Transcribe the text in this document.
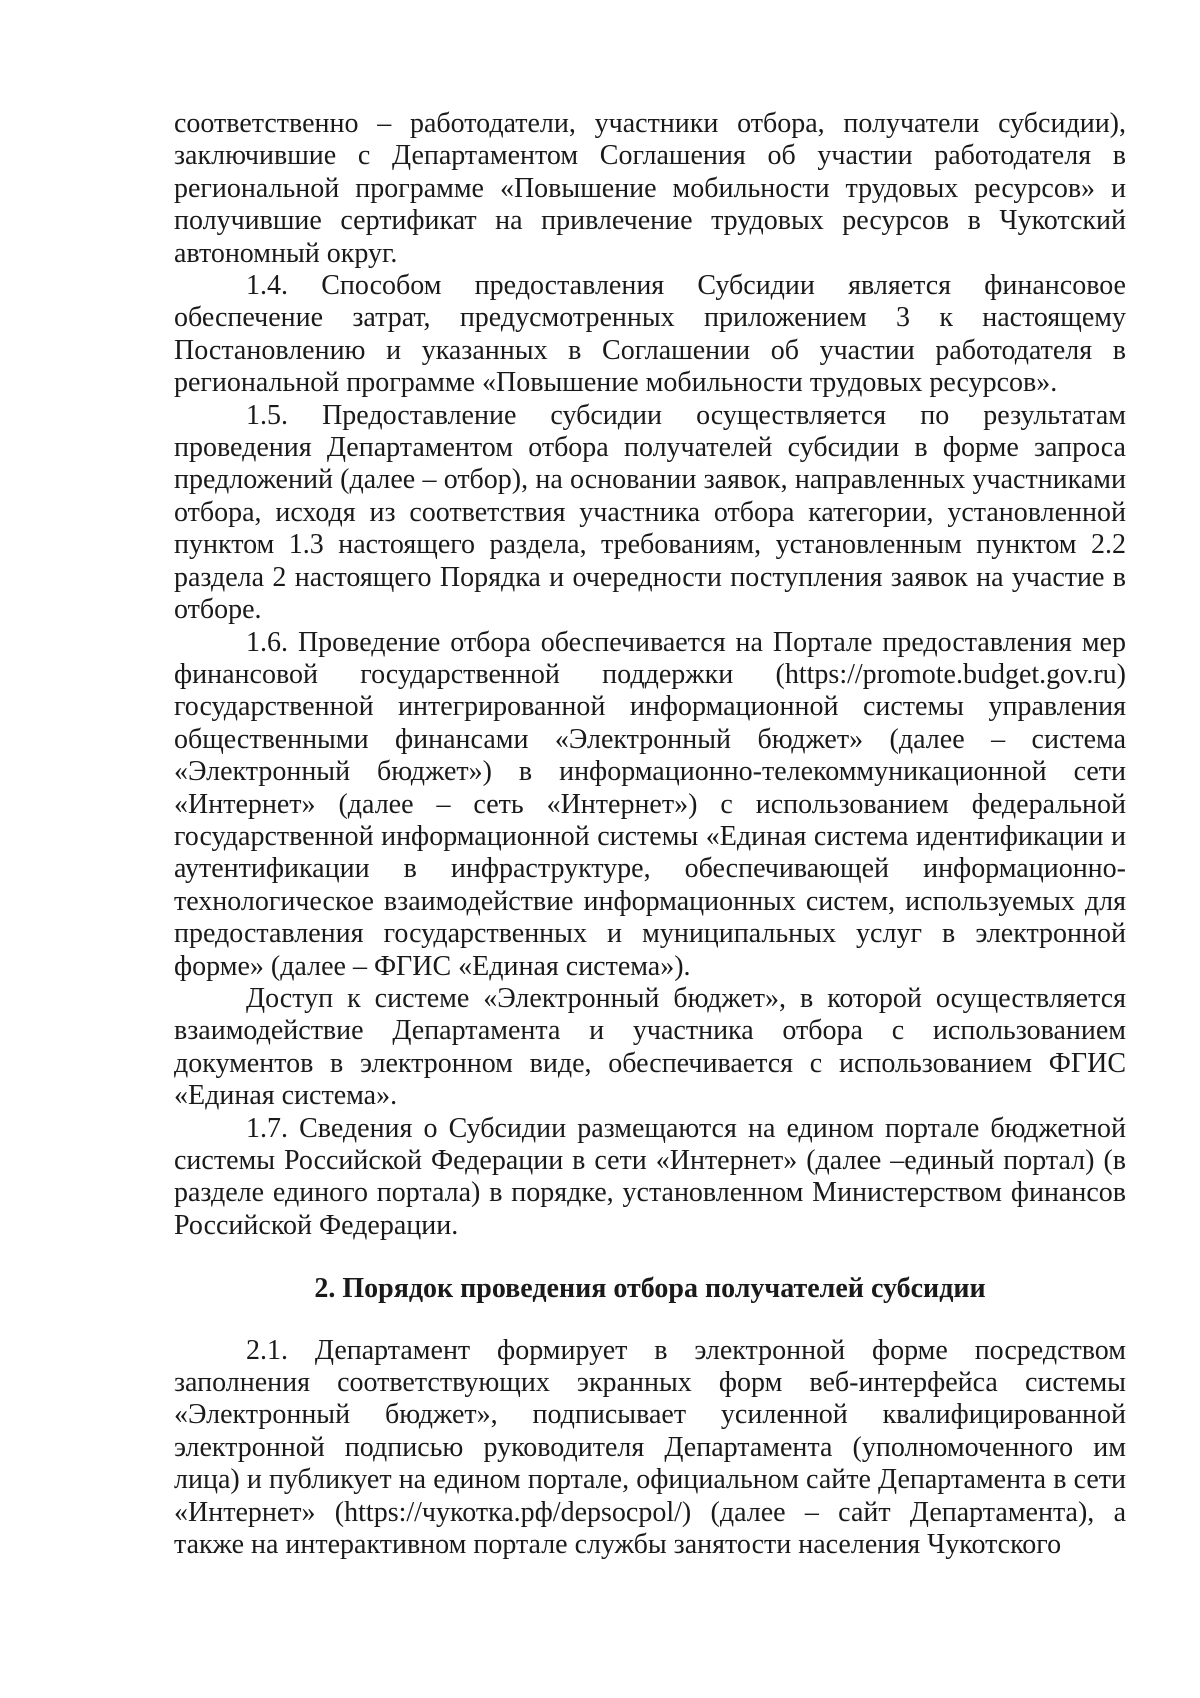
соответственно – работодатели, участники отбора, получатели субсидии), заключившие с Департаментом Соглашения об участии работодателя в региональной программе «Повышение мобильности трудовых ресурсов» и получившие сертификат на привлечение трудовых ресурсов в Чукотский автономный округ.

1.4. Способом предоставления Субсидии является финансовое обеспечение затрат, предусмотренных приложением 3 к настоящему Постановлению и указанных в Соглашении об участии работодателя в региональной программе «Повышение мобильности трудовых ресурсов».

1.5. Предоставление субсидии осуществляется по результатам проведения Департаментом отбора получателей субсидии в форме запроса предложений (далее – отбор), на основании заявок, направленных участниками отбора, исходя из соответствия участника отбора категории, установленной пунктом 1.3 настоящего раздела, требованиям, установленным пунктом 2.2 раздела 2 настоящего Порядка и очередности поступления заявок на участие в отборе.

1.6. Проведение отбора обеспечивается на Портале предоставления мер финансовой государственной поддержки (https://promote.budget.gov.ru) государственной интегрированной информационной системы управления общественными финансами «Электронный бюджет» (далее – система «Электронный бюджет») в информационно-телекоммуникационной сети «Интернет» (далее – сеть «Интернет») с использованием федеральной государственной информационной системы «Единая система идентификации и аутентификации в инфраструктуре, обеспечивающей информационно-технологическое взаимодействие информационных систем, используемых для предоставления государственных и муниципальных услуг в электронной форме» (далее – ФГИС «Единая система»).

Доступ к системе «Электронный бюджет», в которой осуществляется взаимодействие Департамента и участника отбора с использованием документов в электронном виде, обеспечивается с использованием ФГИС «Единая система».

1.7. Сведения о Субсидии размещаются на едином портале бюджетной системы Российской Федерации в сети «Интернет» (далее –единый портал) (в разделе единого портала) в порядке, установленном Министерством финансов Российской Федерации.

2. Порядок проведения отбора получателей субсидии

2.1. Департамент формирует в электронной форме посредством заполнения соответствующих экранных форм веб-интерфейса системы «Электронный бюджет», подписывает усиленной квалифицированной электронной подписью руководителя Департамента (уполномоченного им лица) и публикует на едином портале, официальном сайте Департамента в сети «Интернет» (https://чукотка.рф/depsocpol/) (далее – сайт Департамента), а также на интерактивном портале службы занятости населения Чукотского
